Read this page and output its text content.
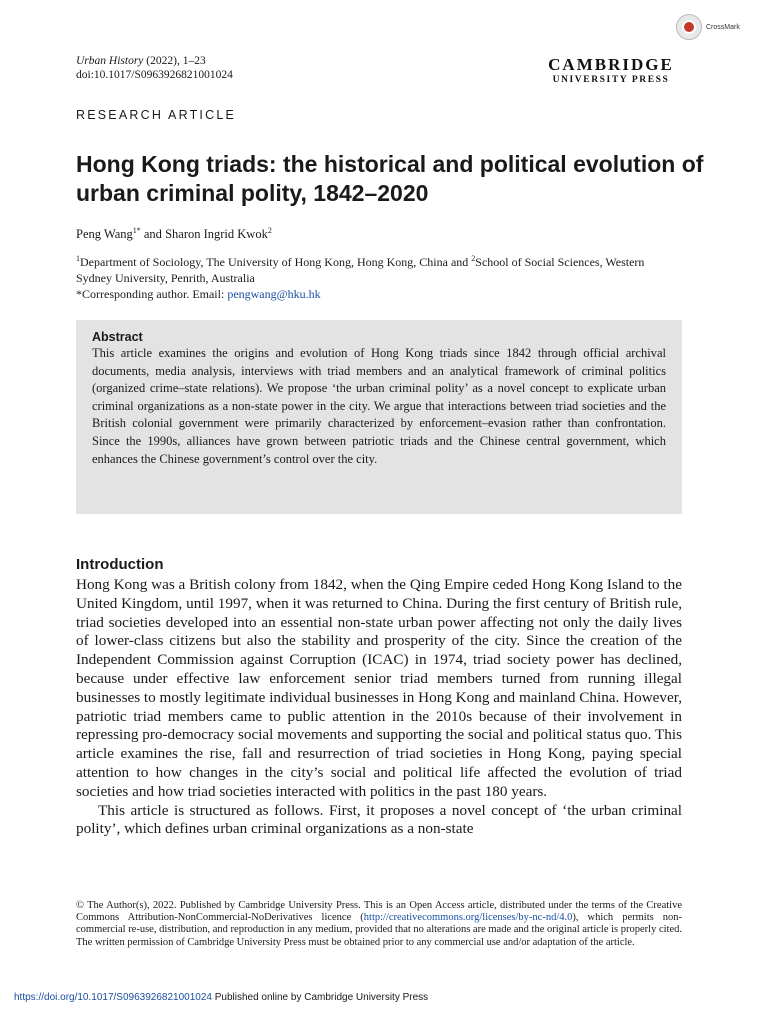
Urban History (2022), 1–23
doi:10.1017/S0963926821001024
CrossMark
CAMBRIDGE
UNIVERSITY PRESS
RESEARCH ARTICLE
Hong Kong triads: the historical and political evolution of urban criminal polity, 1842–2020
Peng Wang$^{1*}$ and Sharon Ingrid Kwok$^2$
$^1$Department of Sociology, The University of Hong Kong, Hong Kong, China and $^2$School of Social Sciences, Western Sydney University, Penrith, Australia
*Corresponding author. Email: pengwang@hku.hk
Abstract
This article examines the origins and evolution of Hong Kong triads since 1842 through official archival documents, media analysis, interviews with triad members and an analytical framework of criminal politics (organized crime–state relations). We propose ‘the urban criminal polity’ as a novel concept to explicate urban criminal organizations as a non-state power in the city. We argue that interactions between triad societies and the British colonial government were primarily characterized by enforcement–evasion rather than confrontation. Since the 1990s, alliances have grown between patriotic triads and the Chinese central government, which enhances the Chinese government’s control over the city.
Introduction

Hong Kong was a British colony from 1842, when the Qing Empire ceded Hong Kong Island to the United Kingdom, until 1997, when it was returned to China. During the first century of British rule, triad societies developed into an essential non-state urban power affecting not only the daily lives of lower-class citizens but also the stability and prosperity of the city. Since the creation of the Independent Commission against Corruption (ICAC) in 1974, triad society power has declined, because under effective law enforcement senior triad members turned from running illegal businesses to mostly legitimate individual businesses in Hong Kong and mainland China. However, patriotic triad members came to public attention in the 2010s because of their involvement in repressing pro-democracy social movements and supporting the social and political status quo. This article examines the rise, fall and resurrection of triad societies in Hong Kong, paying special attention to how changes in the city’s social and political life affected the evolution of triad societies and how triad societies interacted with politics in the past 180 years.

This article is structured as follows. First, it proposes a novel concept of ‘the urban criminal polity’, which defines urban criminal organizations as a non-state

© The Author(s), 2022. Published by Cambridge University Press. This is an Open Access article, distributed under the terms of the Creative Commons Attribution-NonCommercial-NoDerivatives licence (http://creativecommons.org/licenses/by-nc-nd/4.0), which permits non-commercial re-use, distribution, and reproduction in any medium, provided that no alterations are made and the original article is properly cited. The written permission of Cambridge University Press must be obtained prior to any commercial use and/or adaptation of the article.
https://doi.org/10.1017/S0963926821001024 Published online by Cambridge University Press
